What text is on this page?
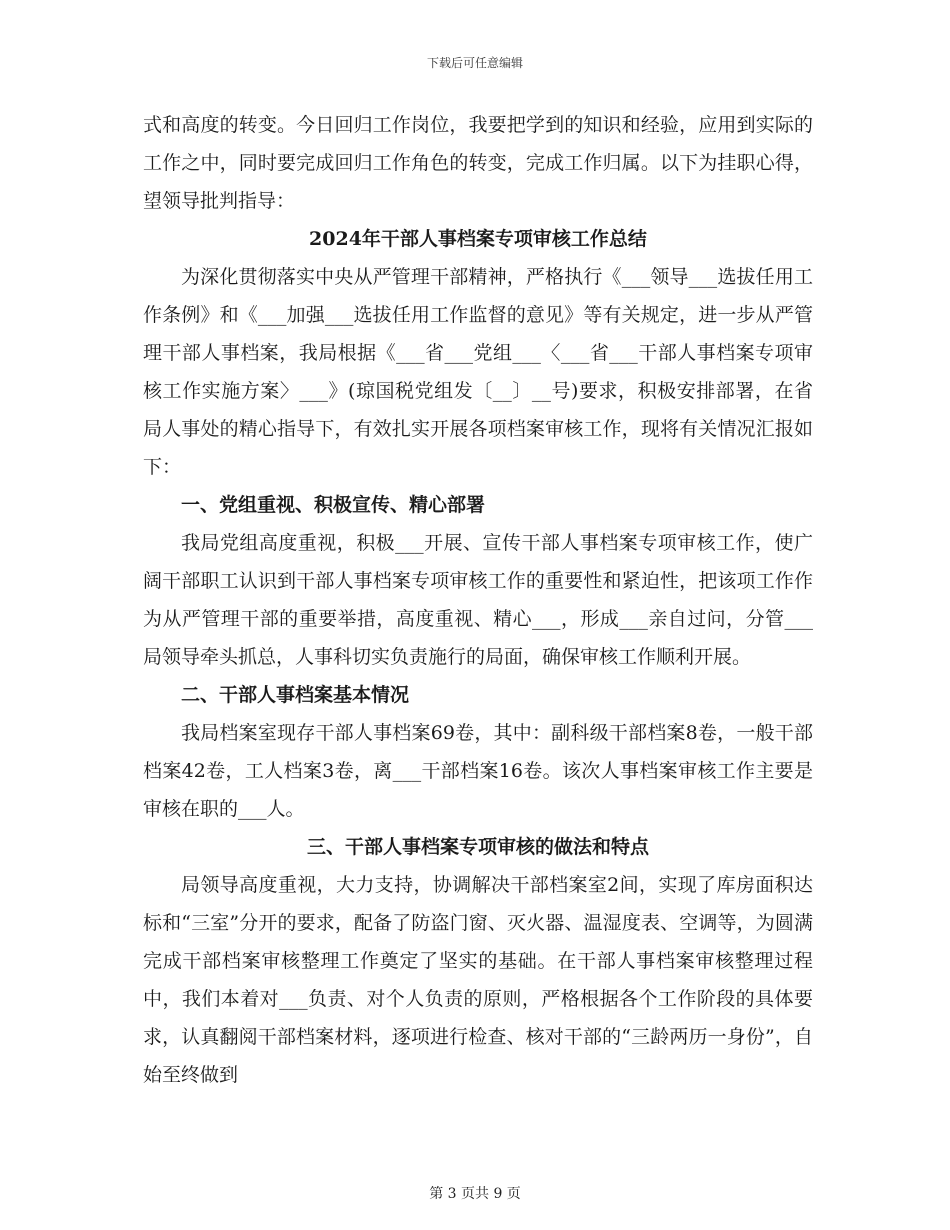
下载后可任意编辑

式和高度的转变。今日回归工作岗位，我要把学到的知识和经验，应用到实际的工作之中，同时要完成回归工作角色的转变，完成工作归属。以下为挂职心得，望领导批判指导：

2024年干部人事档案专项审核工作总结

为深化贯彻落实中央从严管理干部精神，严格执行《___领导___选拔任用工作条例》和《___加强___选拔任用工作监督的意见》等有关规定，进一步从严管理干部人事档案，我局根据《___省___党组___〈___省___干部人事档案专项审核工作实施方案〉___》(琼国税党组发〔__〕__号)要求，积极安排部署，在省局人事处的精心指导下，有效扎实开展各项档案审核工作，现将有关情况汇报如下：

一、党组重视、积极宣传、精心部署

我局党组高度重视，积极___开展、宣传干部人事档案专项审核工作，使广阔干部职工认识到干部人事档案专项审核工作的重要性和紧迫性，把该项工作作为从严管理干部的重要举措，高度重视、精心___，形成___亲自过问，分管___局领导牵头抓总，人事科切实负责施行的局面，确保审核工作顺利开展。

二、干部人事档案基本情况

我局档案室现存干部人事档案69卷，其中：副科级干部档案8卷，一般干部档案42卷，工人档案3卷，离___干部档案16卷。该次人事档案审核工作主要是审核在职的___人。

三、干部人事档案专项审核的做法和特点

局领导高度重视，大力支持，协调解决干部档案室2间，实现了库房面积达标和“三室”分开的要求，配备了防盗门窗、灭火器、温湿度表、空调等，为圆满完成干部档案审核整理工作奠定了坚实的基础。在干部人事档案审核整理过程中，我们本着对___负责、对个人负责的原则，严格根据各个工作阶段的具体要求，认真翻阅干部档案材料，逐项进行检查、核对干部的“三龄两历一身份”，自始至终做到

第 3 页共 9 页
